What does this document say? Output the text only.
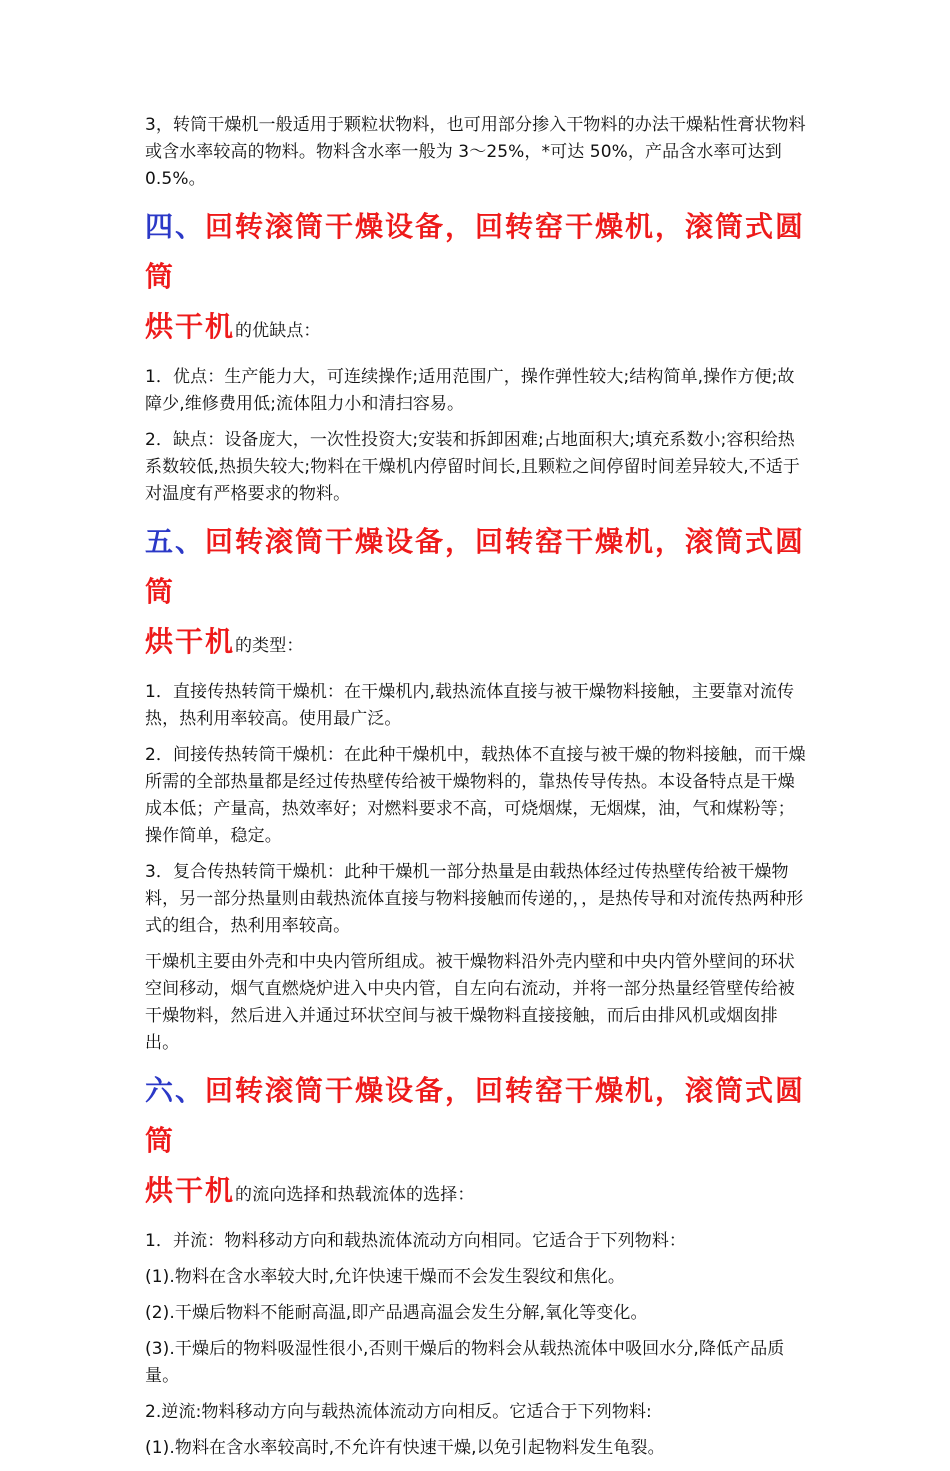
3，转筒干燥机一般适用于颗粒状物料，也可用部分掺入干物料的办法干燥粘性膏状物料或含水率较高的物料。物料含水率一般为 3～25%，*可达 50%，产品含水率可达到 0.5%。

四、回转滚筒干燥设备，回转窑干燥机，滚筒式圆筒
烘干机的优缺点：

1．优点：生产能力大，可连续操作;适用范围广，操作弹性较大;结构简单,操作方便;故障少,维修费用低;流体阻力小和清扫容易。

2．缺点：设备庞大，一次性投资大;安装和拆卸困难;占地面积大;填充系数小;容积给热系数较低,热损失较大;物料在干燥机内停留时间长,且颗粒之间停留时间差异较大,不适于对温度有严格要求的物料。

五、回转滚筒干燥设备，回转窑干燥机，滚筒式圆筒
烘干机的类型：

1．直接传热转筒干燥机：在干燥机内,载热流体直接与被干燥物料接触，主要靠对流传热，热利用率较高。使用最广泛。

2．间接传热转筒干燥机：在此种干燥机中，载热体不直接与被干燥的物料接触，而干燥所需的全部热量都是经过传热壁传给被干燥物料的，靠热传导传热。本设备特点是干燥成本低；产量高，热效率好；对燃料要求不高，可烧烟煤，无烟煤，油，气和煤粉等；操作简单，稳定。

3．复合传热转筒干燥机：此种干燥机一部分热量是由载热体经过传热壁传给被干燥物料，另一部分热量则由载热流体直接与物料接触而传递的，，是热传导和对流传热两种形式的组合，热利用率较高。

干燥机主要由外壳和中央内管所组成。被干燥物料沿外壳内壁和中央内管外壁间的环状空间移动，烟气直燃烧炉进入中央内管，自左向右流动，并将一部分热量经管壁传给被干燥物料，然后进入并通过环状空间与被干燥物料直接接触，而后由排风机或烟囱排出。

六、回转滚筒干燥设备，回转窑干燥机，滚筒式圆筒
烘干机的流向选择和热载流体的选择：

1．并流：物料移动方向和载热流体流动方向相同。它适合于下列物料：

(1).物料在含水率较大时,允许快速干燥而不会发生裂纹和焦化。

(2).干燥后物料不能耐高温,即产品遇高温会发生分解,氧化等变化。

(3).干燥后的物料吸湿性很小,否则干燥后的物料会从载热流体中吸回水分,降低产品质量。

2.逆流:物料移动方向与载热流体流动方向相反。它适合于下列物料:

(1).物料在含水率较高时,不允许有快速干燥,以免引起物料发生龟裂。
